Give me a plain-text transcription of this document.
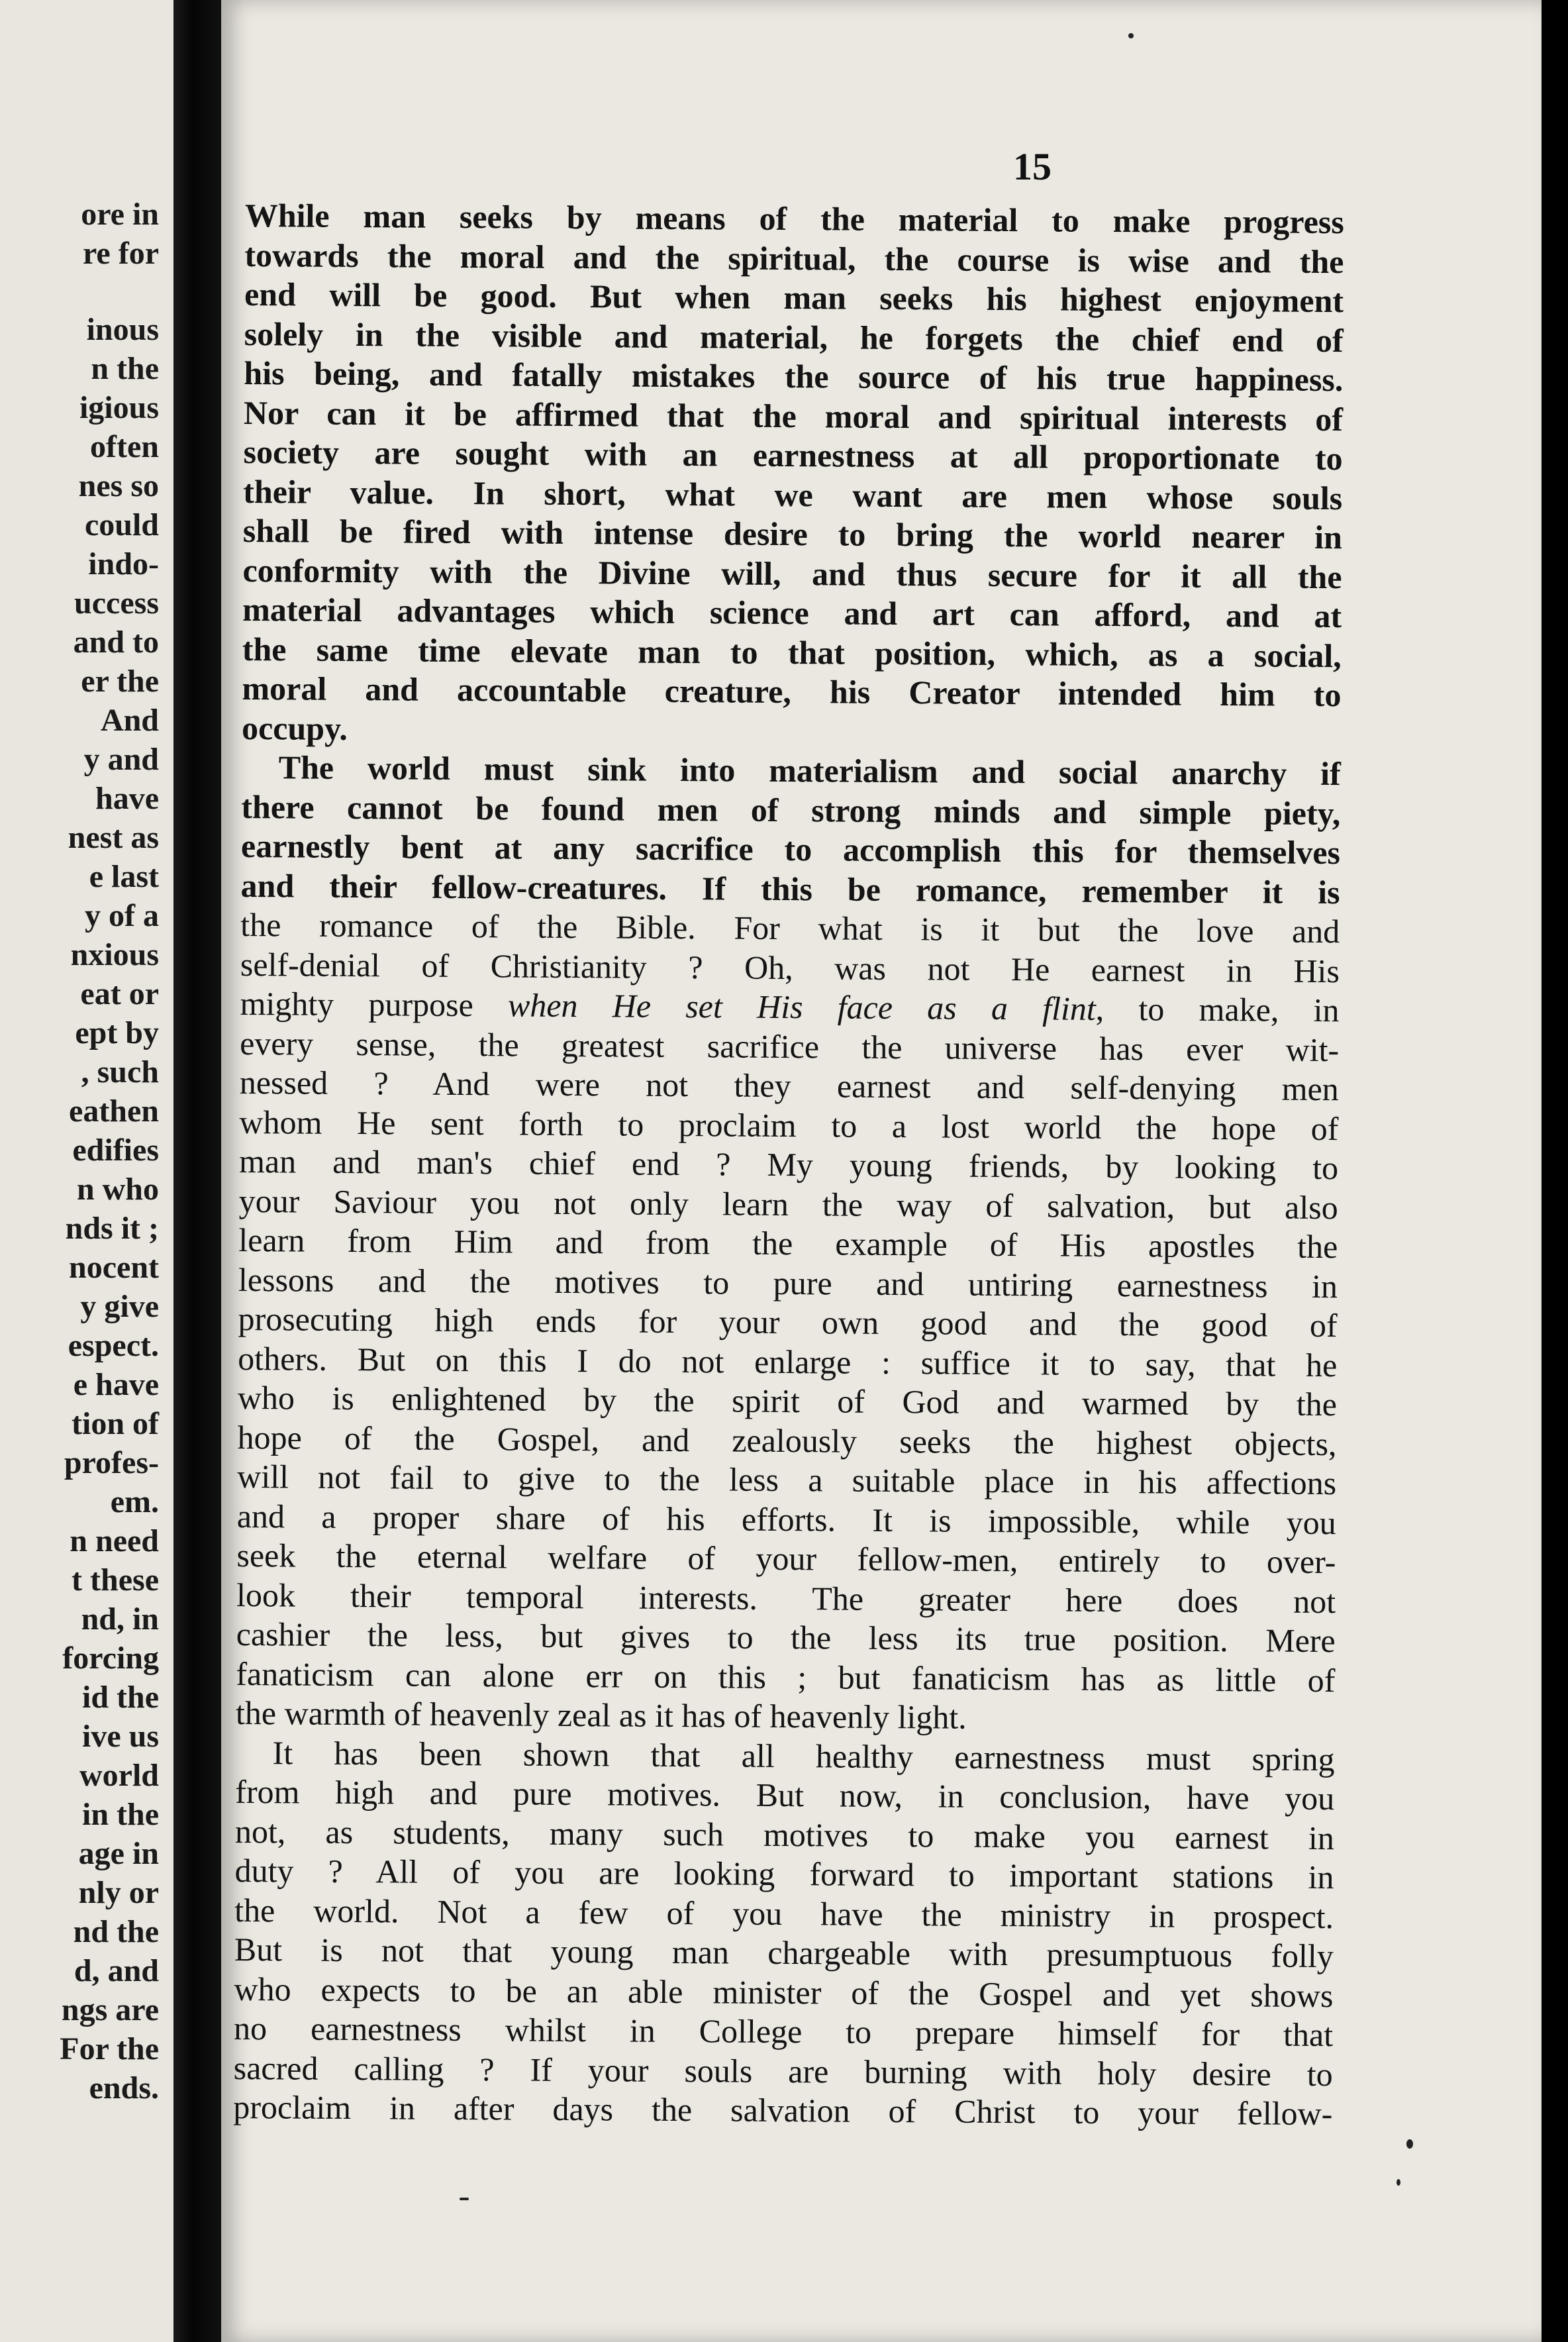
ore in
re for
inous
n the
igious
often
nes so
could
indo-
uccess
and to
er the
And
y and
have
nest as
e last
y of a
nxious
eat or
ept by
, such
eathen
edifies
n who
nds it ;
nocent
y give
espect.
e have
tion of
profes-
em.
n need
t these
nd, in
forcing
id the
ive us
world
in the
age in
nly or
nd the
d, and
ngs are
For the
ends.
15
While man seeks by means of the material to make progress
towards the moral and the spiritual, the course is wise and the
end will be good. But when man seeks his highest enjoyment
solely in the visible and material, he forgets the chief end of
his being, and fatally mistakes the source of his true happiness.
Nor can it be affirmed that the moral and spiritual interests of
society are sought with an earnestness at all proportionate to
their value. In short, what we want are men whose souls
shall be fired with intense desire to bring the world nearer in
conformity with the Divine will, and thus secure for it all the
material advantages which science and art can afford, and at
the same time elevate man to that position, which, as a social,
moral and accountable creature, his Creator intended him to
occupy.
The world must sink into materialism and social anarchy if
there cannot be found men of strong minds and simple piety,
earnestly bent at any sacrifice to accomplish this for themselves
and their fellow-creatures. If this be romance, remember it is
the romance of the Bible. For what is it but the love and
self-denial of Christianity ? Oh, was not He earnest in His
mighty purpose when He set His face as a flint, to make, in
every sense, the greatest sacrifice the universe has ever wit-
nessed ? And were not they earnest and self-denying men
whom He sent forth to proclaim to a lost world the hope of
man and man's chief end ? My young friends, by looking to
your Saviour you not only learn the way of salvation, but also
learn from Him and from the example of His apostles the
lessons and the motives to pure and untiring earnestness in
prosecuting high ends for your own good and the good of
others. But on this I do not enlarge : suffice it to say, that he
who is enlightened by the spirit of God and warmed by the
hope of the Gospel, and zealously seeks the highest objects,
will not fail to give to the less a suitable place in his affections
and a proper share of his efforts. It is impossible, while you
seek the eternal welfare of your fellow-men, entirely to over-
look their temporal interests. The greater here does not
cashier the less, but gives to the less its true position. Mere
fanaticism can alone err on this ; but fanaticism has as little of
the warmth of heavenly zeal as it has of heavenly light.
It has been shown that all healthy earnestness must spring
from high and pure motives. But now, in conclusion, have you
not, as students, many such motives to make you earnest in
duty ? All of you are looking forward to important stations in
the world. Not a few of you have the ministry in prospect.
But is not that young man chargeable with presumptuous folly
who expects to be an able minister of the Gospel and yet shows
no earnestness whilst in College to prepare himself for that
sacred calling ? If your souls are burning with holy desire to
proclaim in after days the salvation of Christ to your fellow-
